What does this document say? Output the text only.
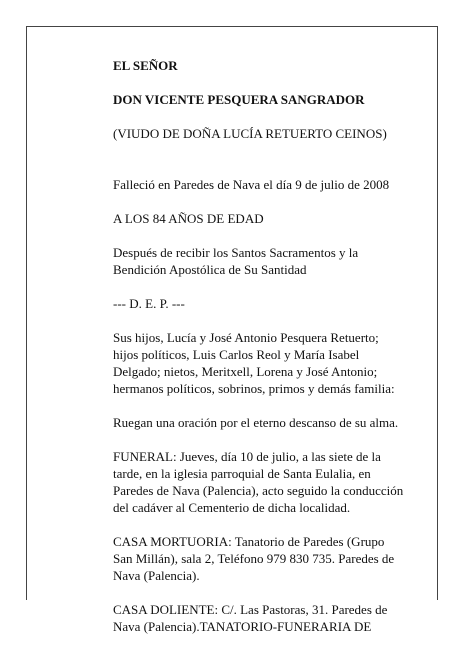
EL SEÑOR

DON VICENTE PESQUERA SANGRADOR

(VIUDO DE DOÑA LUCÍA RETUERTO CEINOS)

Falleció en Paredes de Nava el día 9 de julio de 2008

A LOS 84 AÑOS DE EDAD

Después de recibir los Santos Sacramentos y la
Bendición Apostólica de Su Santidad

--- D. E. P. ---

Sus hijos, Lucía y José Antonio Pesquera Retuerto;
hijos políticos, Luis Carlos Reol y María Isabel
Delgado; nietos, Meritxell, Lorena y José Antonio;
hermanos políticos, sobrinos, primos y demás familia:

Ruegan una oración por el eterno descanso de su alma.

FUNERAL: Jueves, día 10 de julio, a las siete de la
tarde, en la iglesia parroquial de Santa Eulalia, en
Paredes de Nava (Palencia), acto seguido la conducción
del cadáver al Cementerio de dicha localidad.

CASA MORTUORIA: Tanatorio de Paredes (Grupo
San Millán), sala 2, Teléfono 979 830 735. Paredes de
Nava (Palencia).

CASA DOLIENTE: C/. Las Pastoras, 31. Paredes de
Nava (Palencia).TANATORIO-FUNERARIA DE
